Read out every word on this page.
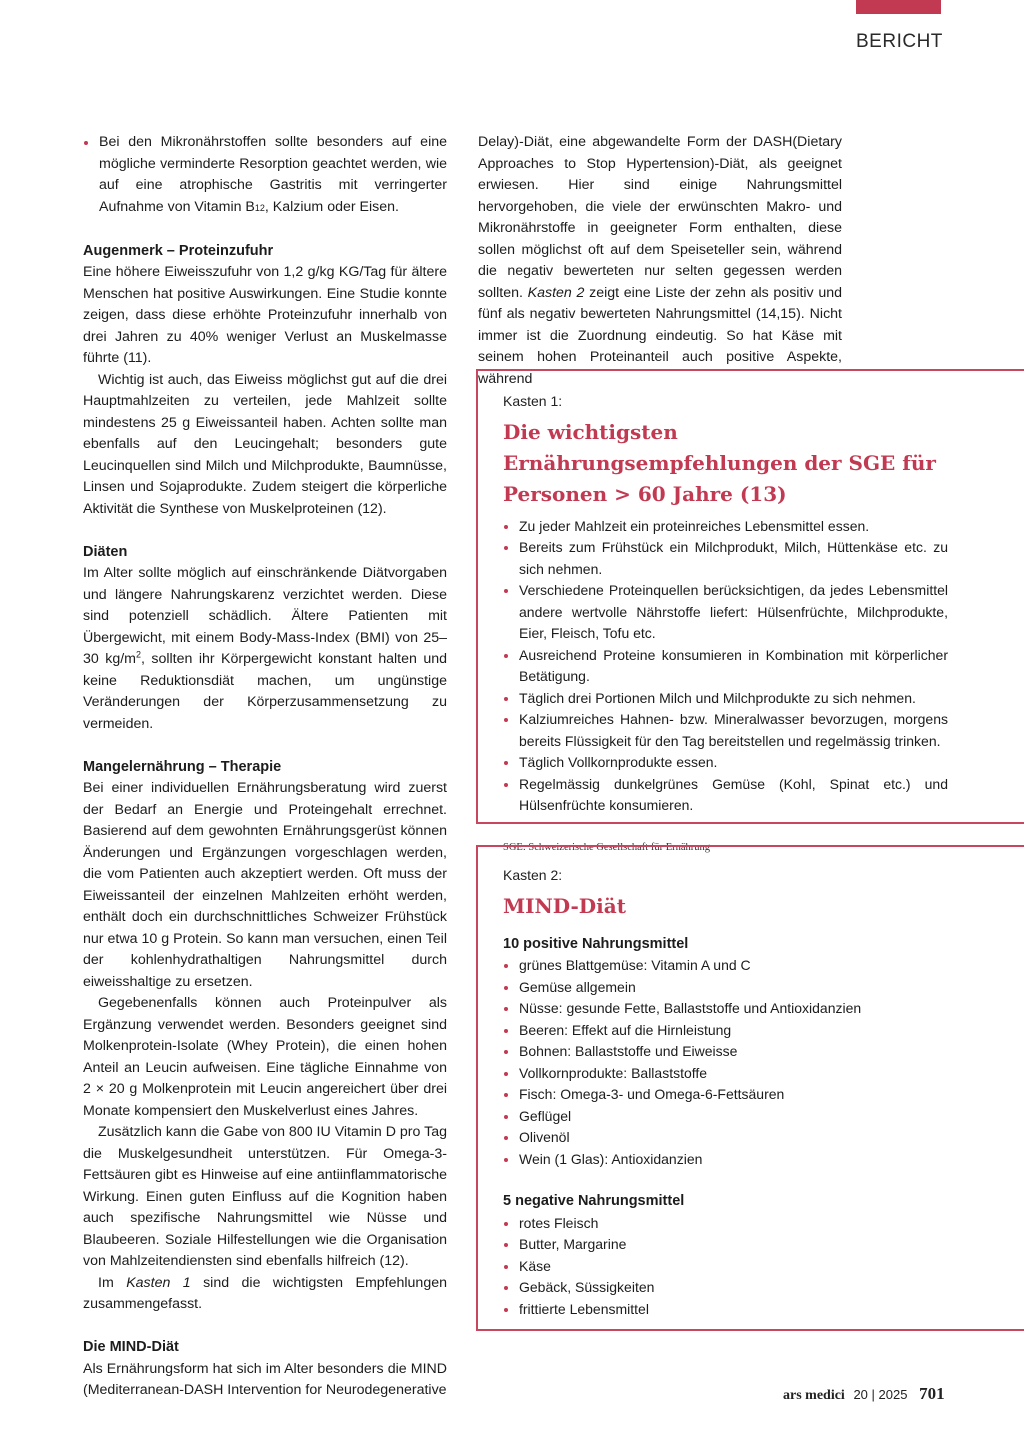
BERICHT
Bei den Mikronährstoffen sollte besonders auf eine mögliche verminderte Resorption geachtet werden, wie auf eine atrophische Gastritis mit verringerter Aufnahme von Vitamin B12, Kalzium oder Eisen.
Augenmerk – Proteinzufuhr

Eine höhere Eiweisszufuhr von 1,2 g/kg KG/Tag für ältere Menschen hat positive Auswirkungen. Eine Studie konnte zeigen, dass diese erhöhte Proteinzufuhr innerhalb von drei Jahren zu 40% weniger Verlust an Muskelmasse führte (11).

Wichtig ist auch, das Eiweiss möglichst gut auf die drei Hauptmahlzeiten zu verteilen, jede Mahlzeit sollte mindestens 25 g Eiweissanteil haben. Achten sollte man ebenfalls auf den Leucingehalt; besonders gute Leucinquellen sind Milch und Milchprodukte, Baumnüsse, Linsen und Sojaprodukte. Zudem steigert die körperliche Aktivität die Synthese von Muskelproteinen (12).

Diäten

Im Alter sollte möglich auf einschränkende Diätvorgaben und längere Nahrungskarenz verzichtet werden. Diese sind potenziell schädlich. Ältere Patienten mit Übergewicht, mit einem Body-Mass-Index (BMI) von 25–30 $kg/m^2$, sollten ihr Körpergewicht konstant halten und keine Reduktionsdiät machen, um ungünstige Veränderungen der Körperzusammensetzung zu vermeiden.

Mangelernährung – Therapie

Bei einer individuellen Ernährungsberatung wird zuerst der Bedarf an Energie und Proteingehalt errechnet. Basierend auf dem gewohnten Ernährungsgerüst können Änderungen und Ergänzungen vorgeschlagen werden, die vom Patienten auch akzeptiert werden. Oft muss der Eiweissanteil der einzelnen Mahlzeiten erhöht werden, enthält doch ein durchschnittliches Schweizer Frühstück nur etwa 10 g Protein. So kann man versuchen, einen Teil der kohlenhydrathaltigen Nahrungsmittel durch eiweisshaltige zu ersetzen.

Gegebenenfalls können auch Proteinpulver als Ergänzung verwendet werden. Besonders geeignet sind Molkenprotein-Isolate (Whey Protein), die einen hohen Anteil an Leucin aufweisen. Eine tägliche Einnahme von 2 × 20 g Molkenprotein mit Leucin angereichert über drei Monate kompensiert den Muskelverlust eines Jahres.

Zusätzlich kann die Gabe von 800 IU Vitamin D pro Tag die Muskelgesundheit unterstützen. Für Omega-3-Fettsäuren gibt es Hinweise auf eine antiinflammatorische Wirkung. Einen guten Einfluss auf die Kognition haben auch spezifische Nahrungsmittel wie Nüsse und Blaubeeren. Soziale Hilfestellungen wie die Organisation von Mahlzeitendiensten sind ebenfalls hilfreich (12).

Im Kasten 1 sind die wichtigsten Empfehlungen zusammengefasst.

Die MIND-Diät

Als Ernährungsform hat sich im Alter besonders die MIND (Mediterranean-DASH Intervention for Neurodegenerative

Delay)-Diät, eine abgewandelte Form der DASH(Dietary Approaches to Stop Hypertension)-Diät, als geeignet erwiesen. Hier sind einige Nahrungsmittel hervorgehoben, die viele der erwünschten Makro- und Mikronährstoffe in geeigneter Form enthalten, diese sollen möglichst oft auf dem Speiseteller sein, während die negativ bewerteten nur selten gegessen werden sollten. Kasten 2 zeigt eine Liste der zehn als positiv und fünf als negativ bewerteten Nahrungsmittel (14,15). Nicht immer ist die Zuordnung eindeutig. So hat Käse mit seinem hohen Proteinanteil auch positive Aspekte, während

Kasten 1:
Die wichtigsten Ernährungsempfehlungen der SGE für Personen > 60 Jahre (13)
Zu jeder Mahlzeit ein proteinreiches Lebensmittel essen.
Bereits zum Frühstück ein Milchprodukt, Milch, Hüttenkäse etc. zu sich nehmen.
Verschiedene Proteinquellen berücksichtigen, da jedes Lebensmittel andere wertvolle Nährstoffe liefert: Hülsenfrüchte, Milchprodukte, Eier, Fleisch, Tofu etc.
Ausreichend Proteine konsumieren in Kombination mit körperlicher Betätigung.
Täglich drei Portionen Milch und Milchprodukte zu sich nehmen.
Kalziumreiches Hahnen- bzw. Mineralwasser bevorzugen, morgens bereits Flüssigkeit für den Tag bereitstellen und regelmässig trinken.
Täglich Vollkornprodukte essen.
Regelmässig dunkelgrünes Gemüse (Kohl, Spinat etc.) und Hülsenfrüchte konsumieren.
SGE: Schweizerische Gesellschaft für Ernährung
Kasten 2:
MIND-Diät
10 positive Nahrungsmittel
grünes Blattgemüse: Vitamin A und C
Gemüse allgemein
Nüsse: gesunde Fette, Ballaststoffe und Antioxidanzien
Beeren: Effekt auf die Hirnleistung
Bohnen: Ballaststoffe und Eiweisse
Vollkornprodukte: Ballaststoffe
Fisch: Omega-3- und Omega-6-Fettsäuren
Geflügel
Olivenöl
Wein (1 Glas): Antioxidanzien
5 negative Nahrungsmittel
rotes Fleisch
Butter, Margarine
Käse
Gebäck, Süssigkeiten
frittierte Lebensmittel
ars medici 20 | 2025 701
